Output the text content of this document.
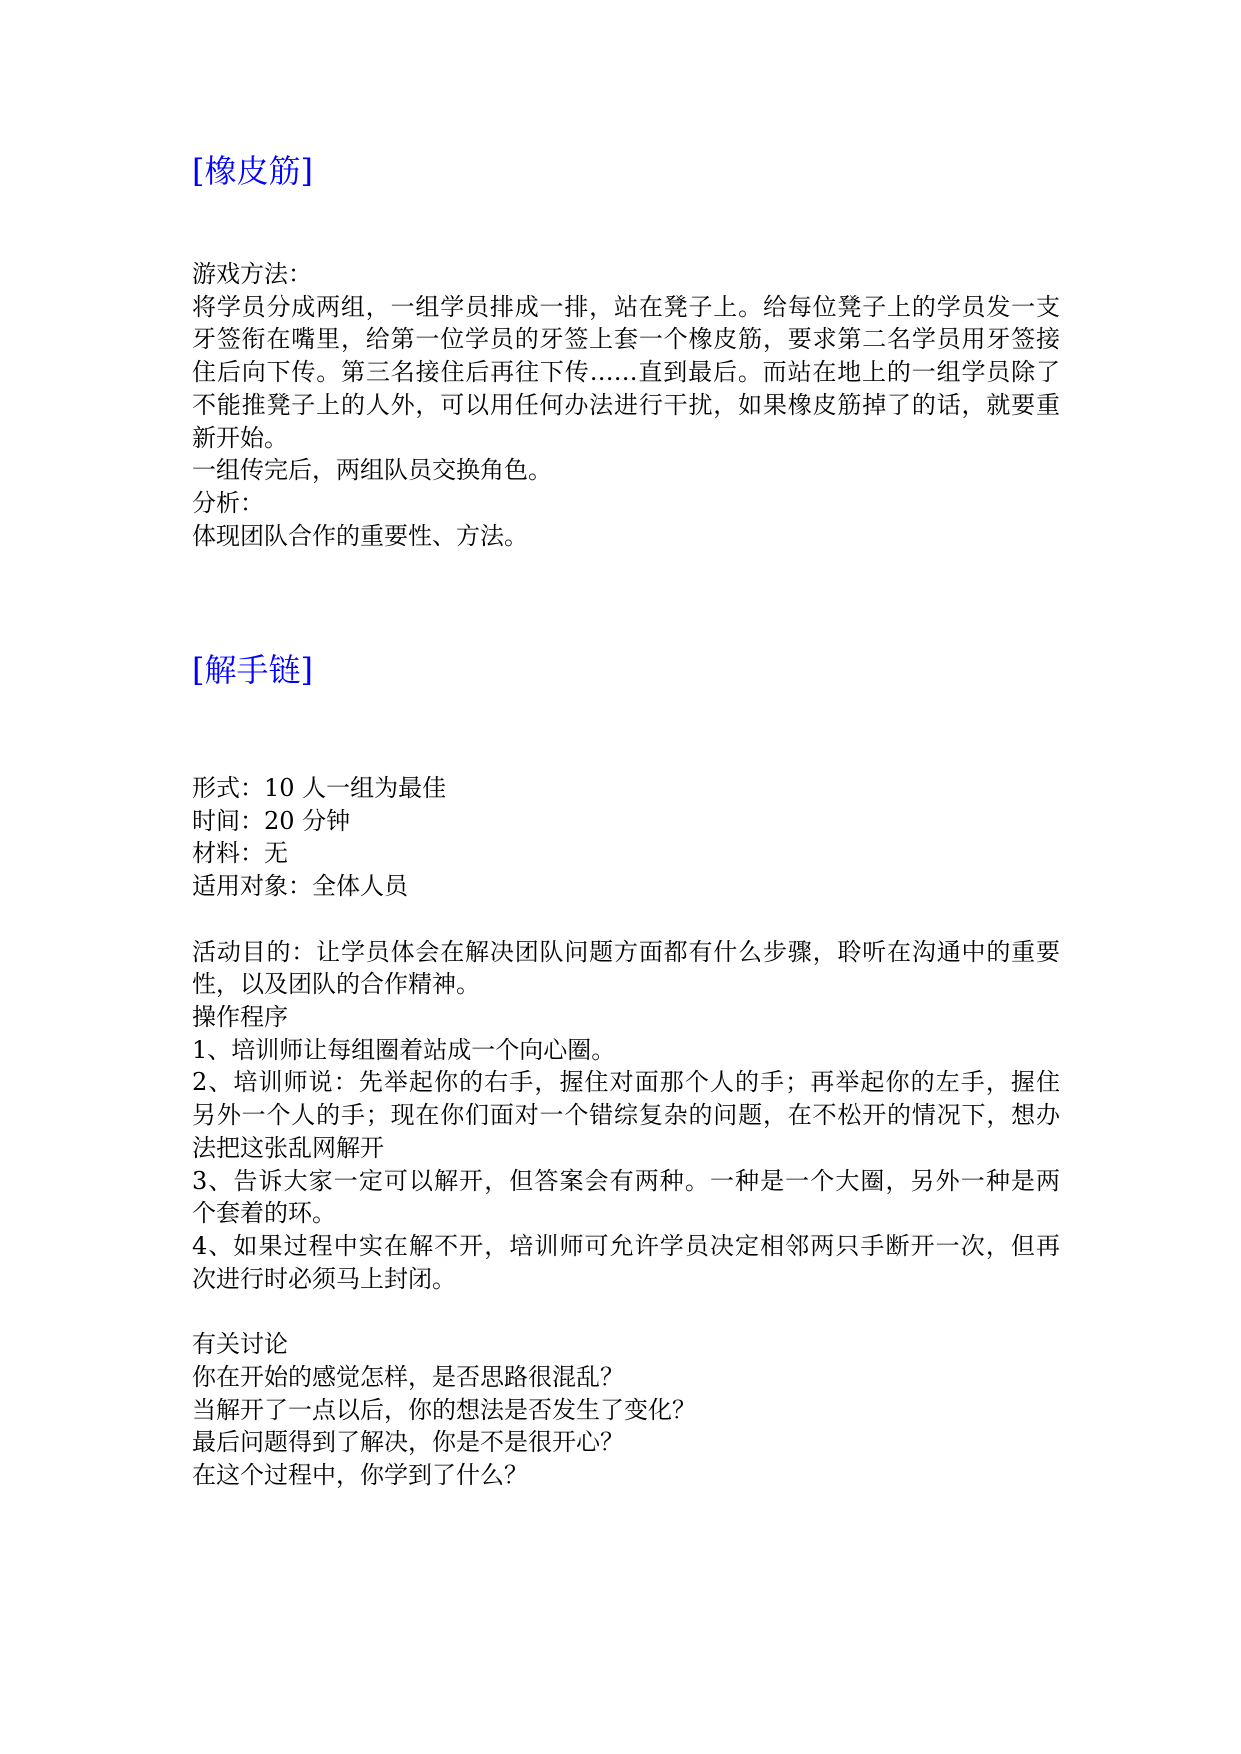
[橡皮筋]
游戏方法：
将学员分成两组，一组学员排成一排，站在凳子上。给每位凳子上的学员发一支
牙签衔在嘴里，给第一位学员的牙签上套一个橡皮筋，要求第二名学员用牙签接
住后向下传。第三名接住后再往下传……直到最后。而站在地上的一组学员除了
不能推凳子上的人外，可以用任何办法进行干扰，如果橡皮筋掉了的话，就要重
新开始。
一组传完后，两组队员交换角色。
分析：
体现团队合作的重要性、方法。
[解手链]
形式：10 人一组为最佳
时间：20 分钟
材料：无
适用对象：全体人员
活动目的：让学员体会在解决团队问题方面都有什么步骤，聆听在沟通中的重要
性，以及团队的合作精神。
操作程序
1、培训师让每组圈着站成一个向心圈。
2、培训师说：先举起你的右手，握住对面那个人的手；再举起你的左手，握住
另外一个人的手；现在你们面对一个错综复杂的问题，在不松开的情况下，想办
法把这张乱网解开
3、告诉大家一定可以解开，但答案会有两种。一种是一个大圈，另外一种是两
个套着的环。
4、如果过程中实在解不开，培训师可允许学员决定相邻两只手断开一次，但再
次进行时必须马上封闭。
有关讨论
你在开始的感觉怎样，是否思路很混乱？
当解开了一点以后，你的想法是否发生了变化？
最后问题得到了解决，你是不是很开心？
在这个过程中，你学到了什么？
